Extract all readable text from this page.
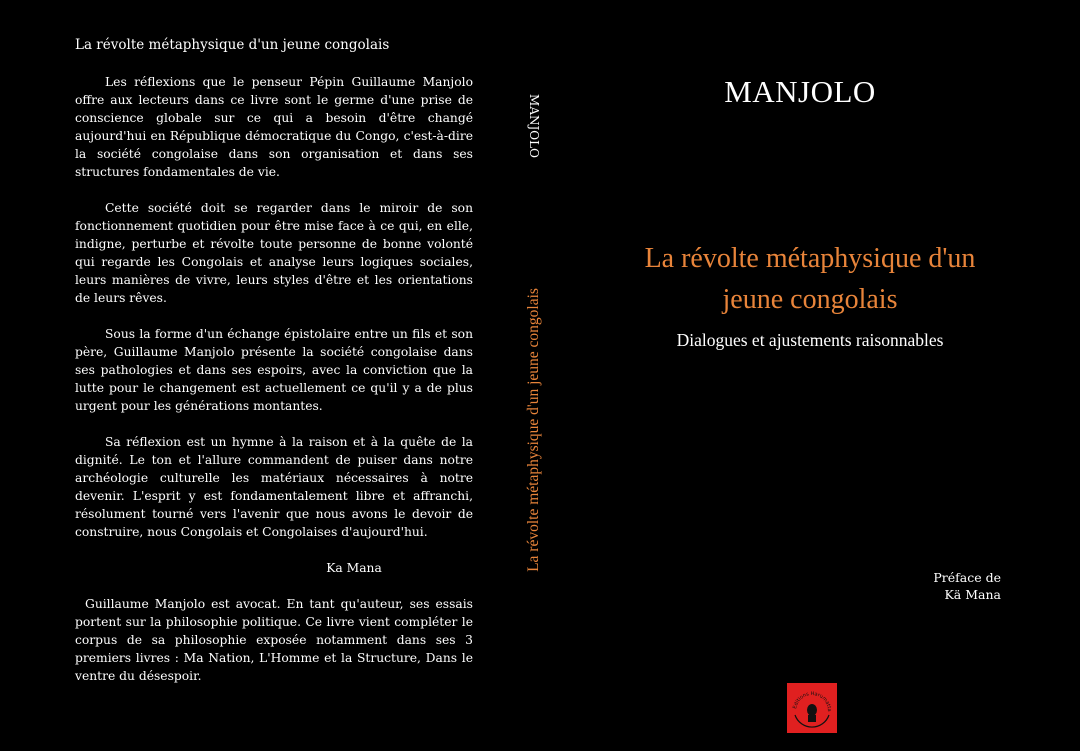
La révolte métaphysique d'un jeune congolais

Les réflexions que le penseur Pépin Guillaume Manjolo offre aux lecteurs dans ce livre sont le germe d'une prise de conscience globale sur ce qui a besoin d'être changé aujourd'hui en République démocratique du Congo, c'est-à-dire la société congolaise dans son organisation et dans ses structures fondamentales de vie.

Cette société doit se regarder dans le miroir de son fonctionnement quotidien pour être mise face à ce qui, en elle, indigne, perturbe et révolte toute personne de bonne volonté qui regarde les Congolais et analyse leurs logiques sociales, leurs manières de vivre, leurs styles d'être et les orientations de leurs rêves.

Sous la forme d'un échange épistolaire entre un fils et son père, Guillaume Manjolo présente la société congolaise dans ses pathologies et dans ses espoirs, avec la conviction que la lutte pour le changement est actuellement ce qu'il y a de plus urgent pour les générations montantes.

Sa réflexion est un hymne à la raison et à la quête de la dignité. Le ton et l'allure commandent de puiser dans notre archéologie culturelle les matériaux nécessaires à notre devenir. L'esprit y est fondamentalement libre et affranchi, résolument tourné vers l'avenir que nous avons le devoir de construire, nous Congolais et Congolaises d'aujourd'hui.

Ka Mana

Guillaume Manjolo est avocat. En tant qu'auteur, ses essais portent sur la philosophie politique. Ce livre vient compléter le corpus de sa philosophie exposée notamment dans ses 3 premiers livres : Ma Nation, L'Homme et la Structure, Dans le ventre du désespoir.

MANJOLO
La révolte métaphysique d'un jeune congolais
MANJOLO
La révolte métaphysique d'un
jeune congolais
Dialogues et ajustements raisonnables
Préface de
Kä Mana
Editions Harumatta
